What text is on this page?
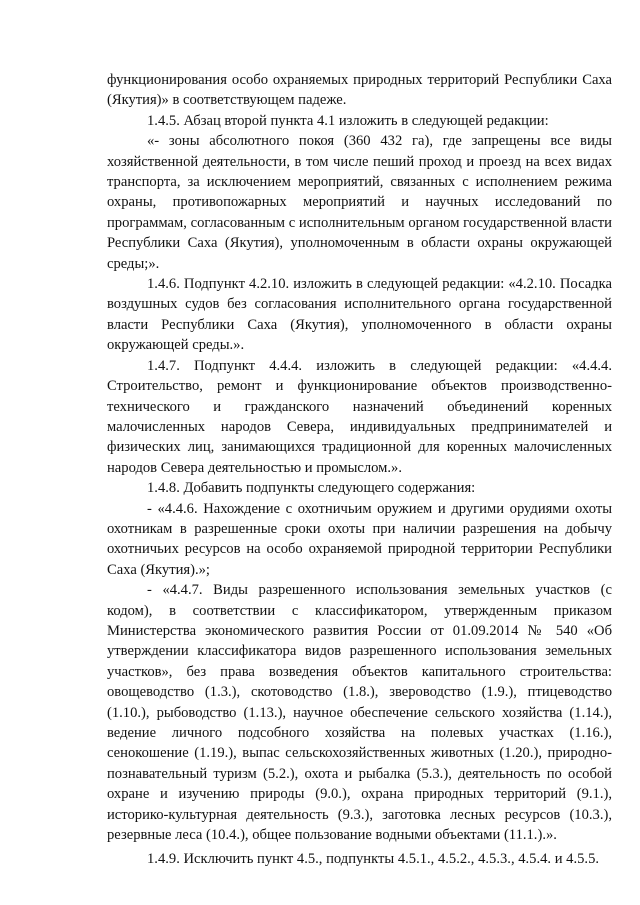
функционирования особо охраняемых природных территорий Республики Саха (Якутия)» в соответствующем падеже.

1.4.5. Абзац второй пункта 4.1 изложить в следующей редакции:

«- зоны абсолютного покоя (360 432 га), где запрещены все виды хозяйственной деятельности, в том числе пеший проход и проезд на всех видах транспорта, за исключением мероприятий, связанных с исполнением режима охраны, противопожарных мероприятий и научных исследований по программам, согласованным с исполнительным органом государственной власти Республики Саха (Якутия), уполномоченным в области охраны окружающей среды;».

1.4.6. Подпункт 4.2.10. изложить в следующей редакции: «4.2.10. Посадка воздушных судов без согласования исполнительного органа государственной власти Республики Саха (Якутия), уполномоченного в области охраны окружающей среды.».

1.4.7. Подпункт 4.4.4. изложить в следующей редакции: «4.4.4. Строительство, ремонт и функционирование объектов производственно-технического и гражданского назначений объединений коренных малочисленных народов Севера, индивидуальных предпринимателей и физических лиц, занимающихся традиционной для коренных малочисленных народов Севера деятельностью и промыслом.».

1.4.8. Добавить подпункты следующего содержания:

- «4.4.6. Нахождение с охотничьим оружием и другими орудиями охоты охотникам в разрешенные сроки охоты при наличии разрешения на добычу охотничьих ресурсов на особо охраняемой природной территории Республики Саха (Якутия).»;

- «4.4.7. Виды разрешенного использования земельных участков (с кодом), в соответствии с классификатором, утвержденным приказом Министерства экономического развития России от 01.09.2014 № 540 «Об утверждении классификатора видов разрешенного использования земельных участков», без права возведения объектов капитального строительства: овощеводство (1.3.), скотоводство (1.8.), звероводство (1.9.), птицеводство (1.10.), рыбоводство (1.13.), научное обеспечение сельского хозяйства (1.14.), ведение личного подсобного хозяйства на полевых участках (1.16.), сенокошение (1.19.), выпас сельскохозяйственных животных (1.20.), природно-познавательный туризм (5.2.), охота и рыбалка (5.3.), деятельность по особой охране и изучению природы (9.0.), охрана природных территорий (9.1.), историко-культурная деятельность (9.3.), заготовка лесных ресурсов (10.3.), резервные леса (10.4.), общее пользование водными объектами (11.1.).».

1.4.9. Исключить пункт 4.5., подпункты 4.5.1., 4.5.2., 4.5.3., 4.5.4. и 4.5.5.
